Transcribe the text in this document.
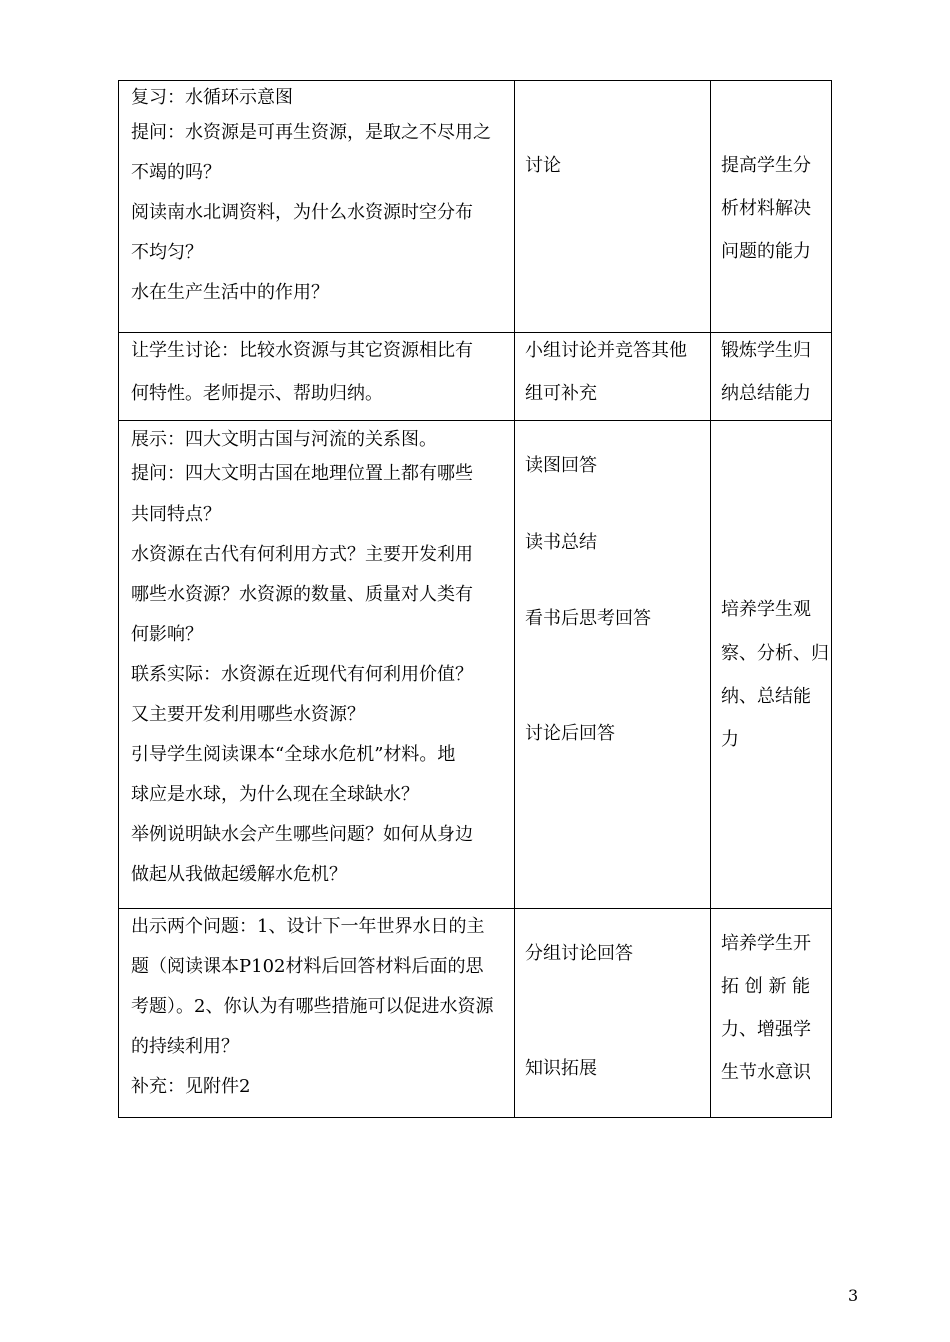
复习：水循环示意图
提问：水资源是可再生资源，是取之不尽用之
不竭的吗？
阅读南水北调资料，为什么水资源时空分布
不均匀？
水在生产生活中的作用？
讨论	提高学生分
析材料解决
问题的能力
让学生讨论：比较水资源与其它资源相比有
何特性。老师提示、帮助归纳。
小组讨论并竞答其他
组可补充
锻炼学生归
纳总结能力
展示：四大文明古国与河流的关系图。
提问：四大文明古国在地理位置上都有哪些
共同特点？
水资源在古代有何利用方式？主要开发利用
哪些水资源？水资源的数量、质量对人类有
何影响？
联系实际：水资源在近现代有何利用价值？
又主要开发利用哪些水资源？
引导学生阅读课本“全球水危机”材料。地
球应是水球，为什么现在全球缺水？
举例说明缺水会产生哪些问题？如何从身边
做起从我做起缓解水危机？
读图回答
读书总结
看书后思考回答
讨论后回答
培养学生观
察、分析、归
纳、总结能
力
出示两个问题：1、设计下一年世界水日的主
题（阅读课本P102材料后回答材料后面的思
考题）。2、你认为有哪些措施可以促进水资源
的持续利用？
补充：见附件2
分组讨论回答
知识拓展
培养学生开
拓 创 新 能
力、增强学
生节水意识
3
